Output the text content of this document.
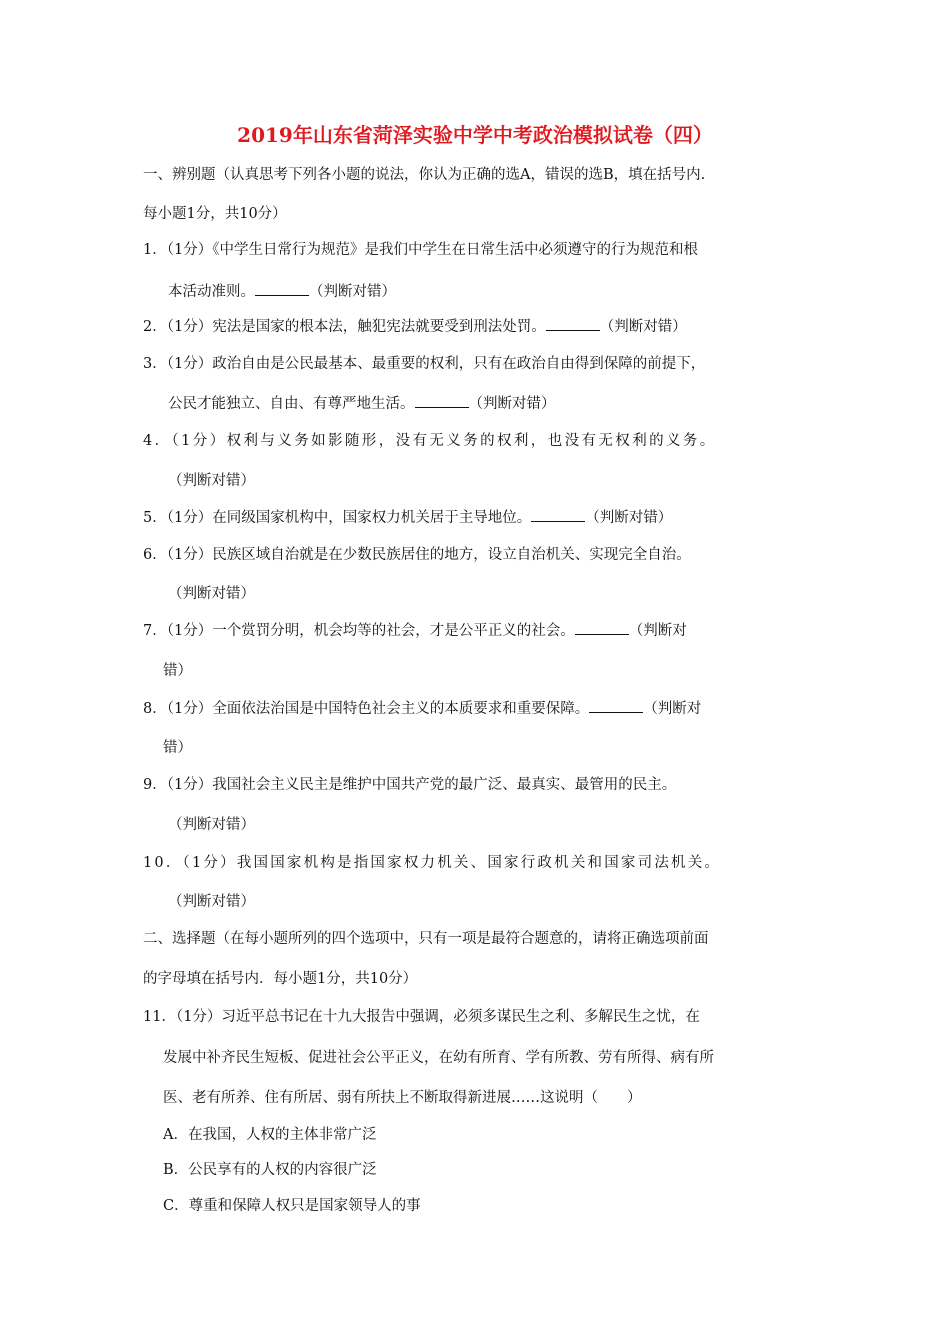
2019年山东省菏泽实验中学中考政治模拟试卷（四）
一、辨别题（认真思考下列各小题的说法，你认为正确的选A，错误的选B，填在括号内.
每小题1分，共10分）
1．（1分）《中学生日常行为规范》是我们中学生在日常生活中必须遵守的行为规范和根
本活动准则。	（判断对错）
2．（1分）宪法是国家的根本法，触犯宪法就要受到刑法处罚。	（判断对错）
3．（1分）政治自由是公民最基本、最重要的权利，只有在政治自由得到保障的前提下，
公民才能独立、自由、有尊严地生活。	（判断对错）
4．（1分）权利与义务如影随形，没有无义务的权利，也没有无权利的义务。
（判断对错）
5．（1分）在同级国家机构中，国家权力机关居于主导地位。	（判断对错）
6．（1分）民族区域自治就是在少数民族居住的地方，设立自治机关、实现完全自治。
（判断对错）
7．（1分）一个赏罚分明，机会均等的社会，才是公平正义的社会。	（判断对
错）
8．（1分）全面依法治国是中国特色社会主义的本质要求和重要保障。	（判断对
错）
9．（1分）我国社会主义民主是维护中国共产党的最广泛、最真实、最管用的民主。
（判断对错）
10．（1分）我国国家机构是指国家权力机关、国家行政机关和国家司法机关。
（判断对错）
二、选择题（在每小题所列的四个选项中，只有一项是最符合题意的，请将正确选项前面
的字母填在括号内．每小题1分，共10分）
11．（1分）习近平总书记在十九大报告中强调，必须多谋民生之利、多解民生之忧，在
发展中补齐民生短板、促进社会公平正义，在幼有所育、学有所教、劳有所得、病有所
医、老有所养、住有所居、弱有所扶上不断取得新进展……这说明（　　）
A．在我国，人权的主体非常广泛
B．公民享有的人权的内容很广泛
C．尊重和保障人权只是国家领导人的事
